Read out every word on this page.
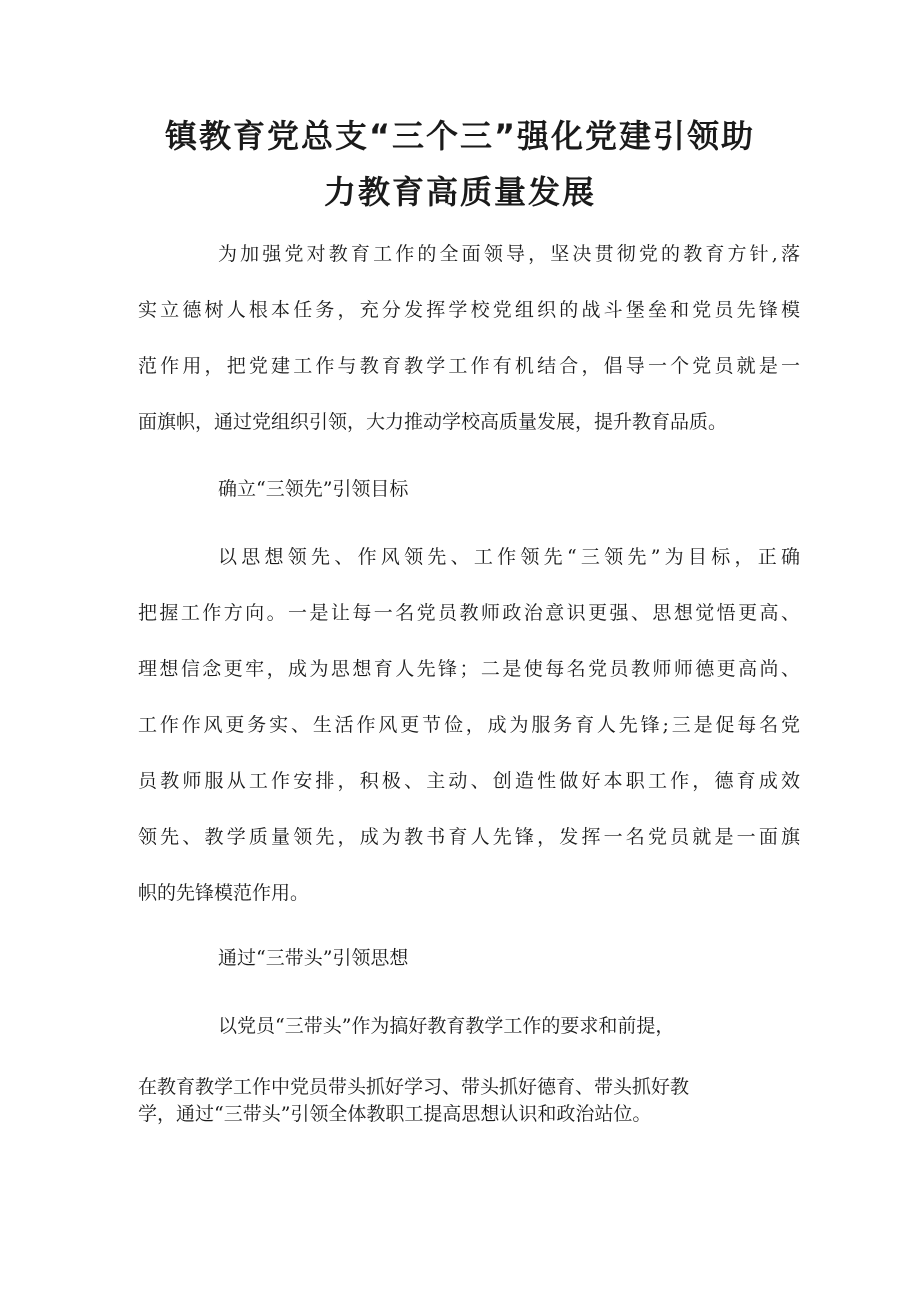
镇教育党总支“三个三”强化党建引领助
力教育高质量发展
为加强党对教育工作的全面领导，坚决贯彻党的教育方针,落
实立德树人根本任务，充分发挥学校党组织的战斗堡垒和党员先锋模
范作用，把党建工作与教育教学工作有机结合，倡导一个党员就是一
面旗帜，通过党组织引领，大力推动学校高质量发展，提升教育品质。
确立“三领先”引领目标
以思想领先、作风领先、工作领先“三领先”为目标，正确
把握工作方向。一是让每一名党员教师政治意识更强、思想觉悟更高、
理想信念更牢，成为思想育人先锋；二是使每名党员教师师德更高尚、
工作作风更务实、生活作风更节俭，成为服务育人先锋;三是促每名党
员教师服从工作安排，积极、主动、创造性做好本职工作，德育成效
领先、教学质量领先，成为教书育人先锋，发挥一名党员就是一面旗
帜的先锋模范作用。
通过“三带头”引领思想
以党员“三带头”作为搞好教育教学工作的要求和前提，
在教育教学工作中党员带头抓好学习、带头抓好德育、带头抓好教
学，通过“三带头”引领全体教职工提高思想认识和政治站位。
